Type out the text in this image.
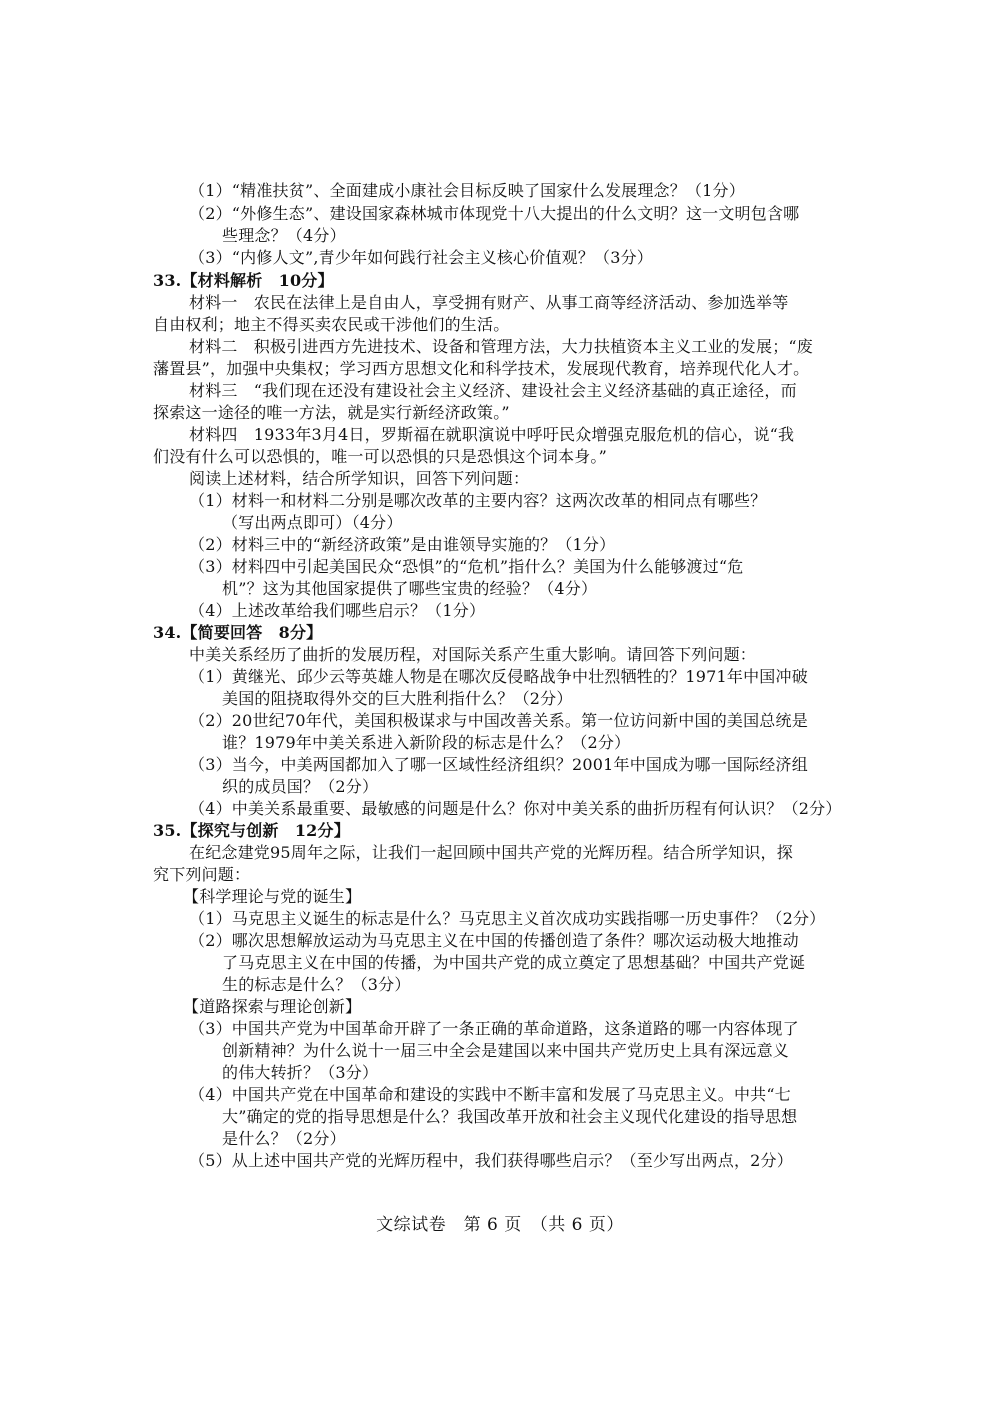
（1）“精准扶贫”、全面建成小康社会目标反映了国家什么发展理念？（1分）
（2）“外修生态”、建设国家森林城市体现党十八大提出的什么文明？这一文明包含哪
些理念？（4分）
（3）“内修人文”,青少年如何践行社会主义核心价值观？（3分）
33.【材料解析　10分】
材料一　农民在法律上是自由人，享受拥有财产、从事工商等经济活动、参加选举等
自由权利；地主不得买卖农民或干涉他们的生活。
材料二　积极引进西方先进技术、设备和管理方法，大力扶植资本主义工业的发展；“废
藩置县”，加强中央集权；学习西方思想文化和科学技术，发展现代教育，培养现代化人才。
材料三　“我们现在还没有建设社会主义经济、建设社会主义经济基础的真正途径，而
探索这一途径的唯一方法，就是实行新经济政策。”
材料四　1933年3月4日，罗斯福在就职演说中呼吁民众增强克服危机的信心，说“我
们没有什么可以恐惧的，唯一可以恐惧的只是恐惧这个词本身。”
阅读上述材料，结合所学知识，回答下列问题：
（1）材料一和材料二分别是哪次改革的主要内容？这两次改革的相同点有哪些？
（写出两点即可）（4分）
（2）材料三中的“新经济政策”是由谁领导实施的？（1分）
（3）材料四中引起美国民众“恐惧”的“危机”指什么？美国为什么能够渡过“危
机”？这为其他国家提供了哪些宝贵的经验？（4分）
（4）上述改革给我们哪些启示？（1分）
34.【简要回答　8分】
中美关系经历了曲折的发展历程，对国际关系产生重大影响。请回答下列问题：
（1）黄继光、邱少云等英雄人物是在哪次反侵略战争中壮烈牺牲的？1971年中国冲破
美国的阻挠取得外交的巨大胜利指什么？（2分）
（2）20世纪70年代，美国积极谋求与中国改善关系。第一位访问新中国的美国总统是
谁？1979年中美关系进入新阶段的标志是什么？（2分）
（3）当今，中美两国都加入了哪一区域性经济组织？2001年中国成为哪一国际经济组
织的成员国？（2分）
（4）中美关系最重要、最敏感的问题是什么？你对中美关系的曲折历程有何认识？（2分）
35.【探究与创新　12分】
在纪念建党95周年之际，让我们一起回顾中国共产党的光辉历程。结合所学知识，探
究下列问题：
【科学理论与党的诞生】
（1）马克思主义诞生的标志是什么？马克思主义首次成功实践指哪一历史事件？（2分）
（2）哪次思想解放运动为马克思主义在中国的传播创造了条件？哪次运动极大地推动
了马克思主义在中国的传播，为中国共产党的成立奠定了思想基础？中国共产党诞
生的标志是什么？（3分）
【道路探索与理论创新】
（3）中国共产党为中国革命开辟了一条正确的革命道路，这条道路的哪一内容体现了
创新精神？为什么说十一届三中全会是建国以来中国共产党历史上具有深远意义
的伟大转折？（3分）
（4）中国共产党在中国革命和建设的实践中不断丰富和发展了马克思主义。中共“七
大”确定的党的指导思想是什么？我国改革开放和社会主义现代化建设的指导思想
是什么？（2分）
（5）从上述中国共产党的光辉历程中，我们获得哪些启示？（至少写出两点，2分）
文综试卷　第 6 页　（共 6 页）
